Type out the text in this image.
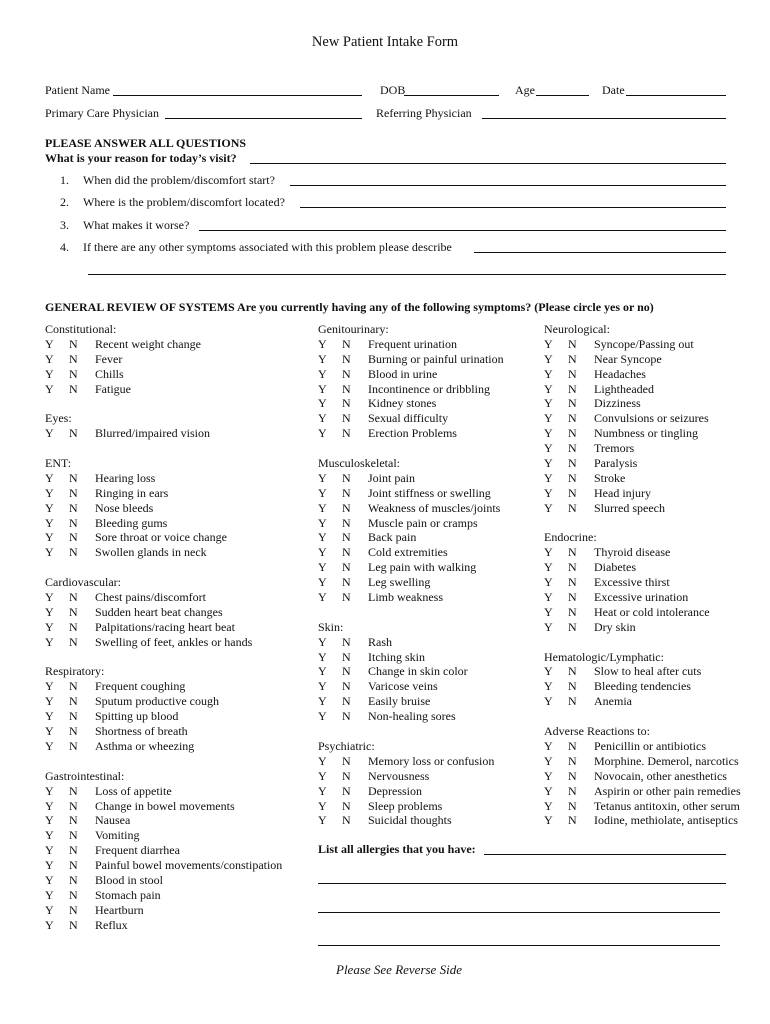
New Patient Intake Form
Patient Name	DOB	Age	Date
Primary Care Physician	Referring Physician
PLEASE ANSWER ALL QUESTIONS
What is your reason for today’s visit?
1. When did the problem/discomfort start?
2. Where is the problem/discomfort located?
3. What makes it worse?
4. If there are any other symptoms associated with this problem please describe
GENERAL REVIEW OF SYSTEMS Are you currently having any of the following symptoms? (Please circle yes or no)
Constitutional:
Y N Recent weight change
Y N Fever
Y N Chills
Y N Fatigue
Eyes:
Y N Blurred/impaired vision
ENT:
Y N Hearing loss
Y N Ringing in ears
Y N Nose bleeds
Y N Bleeding gums
Y N Sore throat or voice change
Y N Swollen glands in neck
Cardiovascular:
Y N Chest pains/discomfort
Y N Sudden heart beat changes
Y N Palpitations/racing heart beat
Y N Swelling of feet, ankles or hands
Respiratory:
Y N Frequent coughing
Y N Sputum productive cough
Y N Spitting up blood
Y N Shortness of breath
Y N Asthma or wheezing
Gastrointestinal:
Y N Loss of appetite
Y N Change in bowel movements
Y N Nausea
Y N Vomiting
Y N Frequent diarrhea
Y N Painful bowel movements/constipation
Y N Blood in stool
Y N Stomach pain
Y N Heartburn
Y N Reflux
Genitourinary:
Y N Frequent urination
Y N Burning or painful urination
Y N Blood in urine
Y N Incontinence or dribbling
Y N Kidney stones
Y N Sexual difficulty
Y N Erection Problems
Musculoskeletal:
Y N Joint pain
Y N Joint stiffness or swelling
Y N Weakness of muscles/joints
Y N Muscle pain or cramps
Y N Back pain
Y N Cold extremities
Y N Leg pain with walking
Y N Leg swelling
Y N Limb weakness
Skin:
Y N Rash
Y N Itching skin
Y N Change in skin color
Y N Varicose veins
Y N Easily bruise
Y N Non-healing sores
Psychiatric:
Y N Memory loss or confusion
Y N Nervousness
Y N Depression
Y N Sleep problems
Y N Suicidal thoughts
Neurological:
Y N Syncope/Passing out
Y N Near Syncope
Y N Headaches
Y N Lightheaded
Y N Dizziness
Y N Convulsions or seizures
Y N Numbness or tingling
Y N Tremors
Y N Paralysis
Y N Stroke
Y N Head injury
Y N Slurred speech
Endocrine:
Y N Thyroid disease
Y N Diabetes
Y N Excessive thirst
Y N Excessive urination
Y N Heat or cold intolerance
Y N Dry skin
Hematologic/Lymphatic:
Y N Slow to heal after cuts
Y N Bleeding tendencies
Y N Anemia
Adverse Reactions to:
Y N Penicillin or antibiotics
Y N Morphine. Demerol, narcotics
Y N Novocain, other anesthetics
Y N Aspirin or other pain remedies
Y N Tetanus antitoxin, other serum
Y N Iodine, methiolate, antiseptics
List all allergies that you have:
Please See Reverse Side
